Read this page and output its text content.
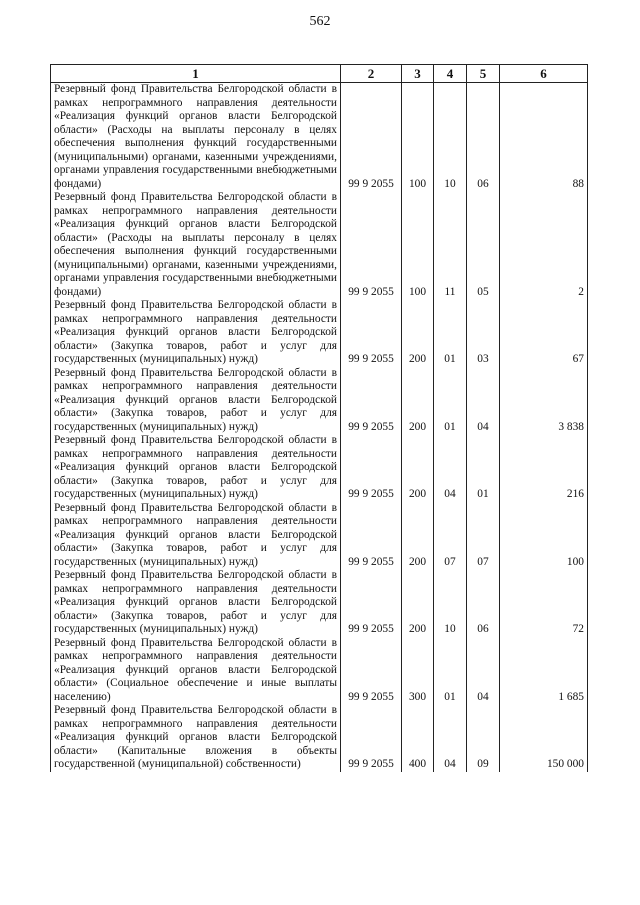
562
1	2	3	4	5	6
Резервный фонд Правительства Белгородской области в рамках непрограммного направления деятельности «Реализация функций органов власти Белгородской области» (Расходы на выплаты персоналу в целях обеспечения выполнения функций государственными (муниципальными) органами, казенными учреждениями, органами управления государственными внебюджетными фондами)	99 9 2055	100	10	06	88
Резервный фонд Правительства Белгородской области в рамках непрограммного направления деятельности «Реализация функций органов власти Белгородской области» (Расходы на выплаты персоналу в целях обеспечения выполнения функций государственными (муниципальными) органами, казенными учреждениями, органами управления государственными внебюджетными фондами)	99 9 2055	100	11	05	2
Резервный фонд Правительства Белгородской области в рамках непрограммного направления деятельности «Реализация функций органов власти Белгородской области» (Закупка товаров, работ и услуг для государственных (муниципальных) нужд)	99 9 2055	200	01	03	67
Резервный фонд Правительства Белгородской области в рамках непрограммного направления деятельности «Реализация функций органов власти Белгородской области» (Закупка товаров, работ и услуг для государственных (муниципальных) нужд)	99 9 2055	200	01	04	3 838
Резервный фонд Правительства Белгородской области в рамках непрограммного направления деятельности «Реализация функций органов власти Белгородской области» (Закупка товаров, работ и услуг для государственных (муниципальных) нужд)	99 9 2055	200	04	01	216
Резервный фонд Правительства Белгородской области в рамках непрограммного направления деятельности «Реализация функций органов власти Белгородской области» (Закупка товаров, работ и услуг для государственных (муниципальных) нужд)	99 9 2055	200	07	07	100
Резервный фонд Правительства Белгородской области в рамках непрограммного направления деятельности «Реализация функций органов власти Белгородской области» (Закупка товаров, работ и услуг для государственных (муниципальных) нужд)	99 9 2055	200	10	06	72
Резервный фонд Правительства Белгородской области в рамках непрограммного направления деятельности «Реализация функций органов власти Белгородской области» (Социальное обеспечение и иные выплаты населению)	99 9 2055	300	01	04	1 685
Резервный фонд Правительства Белгородской области в рамках непрограммного направления деятельности «Реализация функций органов власти Белгородской области» (Капитальные вложения в объекты государственной (муниципальной) собственности)	99 9 2055	400	04	09	150 000
